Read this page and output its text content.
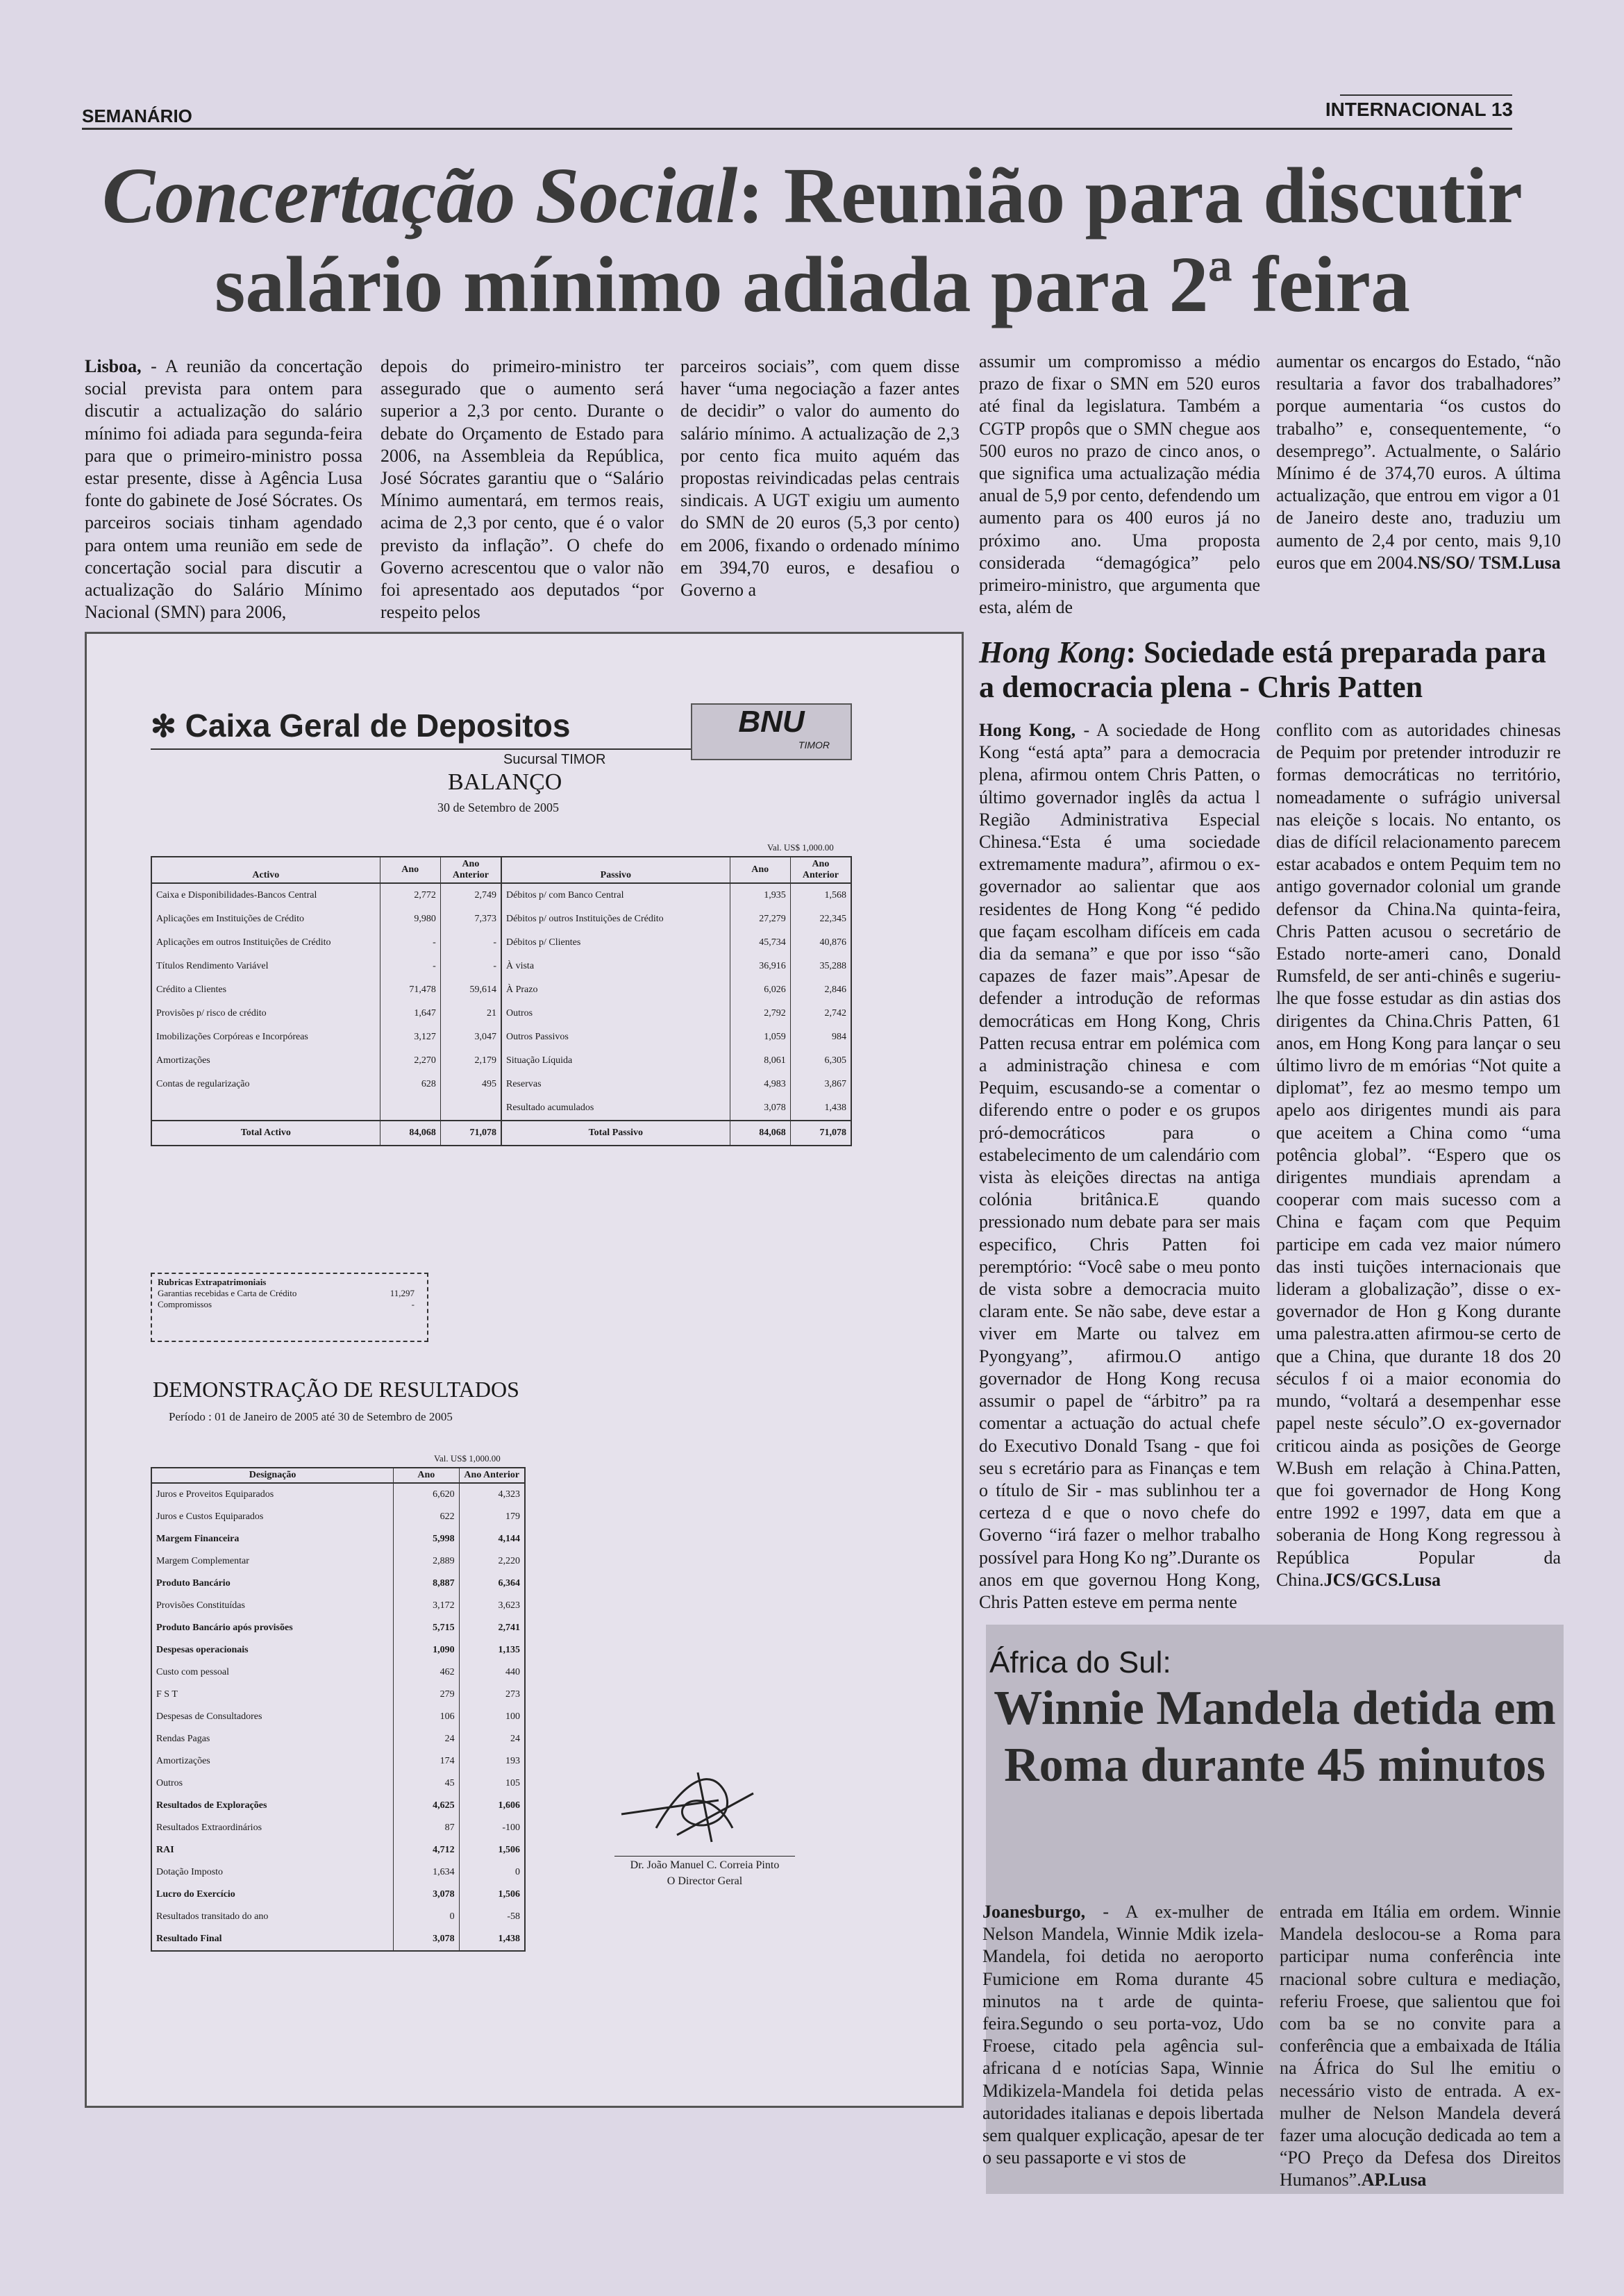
SEMANÁRIO	INTERNACIONAL 13
Concertação Social: Reunião para discutir
salário mínimo adiada para 2ª feira
Lisboa, - A reunião da concertação social prevista para ontem para discutir a actualização do salário mínimo foi adiada para segunda-feira para que o primeiro-ministro possa estar presente, disse à Agência Lusa fonte do gabinete de José Sócrates. Os parceiros sociais tinham agendado para ontem uma reunião em sede de concertação social para discutir a actualização do Salário Mínimo Nacional (SMN) para 2006,
depois do primeiro-ministro ter assegurado que o aumento será superior a 2,3 por cento. Durante o debate do Orçamento de Estado para 2006, na Assembleia da República, José Sócrates garantiu que o “Salário Mínimo aumentará, em termos reais, acima de 2,3 por cento, que é o valor previsto da inflação”. O chefe do Governo acrescentou que o valor não foi apresentado aos deputados “por respeito pelos
parceiros sociais”, com quem disse haver “uma negociação a fazer antes de decidir” o valor do aumento do salário mínimo. A actualização de 2,3 por cento fica muito aquém das propostas reivindicadas pelas centrais sindicais. A UGT exigiu um aumento do SMN de 20 euros (5,3 por cento) em 2006, fixando o ordenado mínimo em 394,70 euros, e desafiou o Governo a
assumir um compromisso a médio prazo de fixar o SMN em 520 euros até final da legislatura. Também a CGTP propôs que o SMN chegue aos 500 euros no prazo de cinco anos, o que significa uma actualização média anual de 5,9 por cento, defendendo um aumento para os 400 euros já no próximo ano. Uma proposta considerada “demagógica” pelo primeiro-ministro, que argumenta que esta, além de
aumentar os encargos do Estado, “não resultaria a favor dos trabalhadores” porque aumentaria “os custos do trabalho” e, consequentemente, “o desemprego”. Actualmente, o Salário Mínimo é de 374,70 euros. A última actualização, que entrou em vigor a 01 de Janeiro deste ano, traduziu um aumento de 2,4 por cento, mais 9,10 euros que em 2004.NS/SO/ TSM.Lusa
✻ Caixa Geral de Depositos
Sucursal TIMOR
BNU
TIMOR
BALANÇO
30 de Setembro de 2005
Val. US$ 1,000.00
Activo	Ano	Ano Anterior	Passivo	Ano	Ano Anterior
Caixa e Disponibilidades-Bancos Central	2,772	2,749	Débitos p/ com Banco Central	1,935	1,568
Aplicações em Instituições de Crédito	9,980	7,373	Débitos p/ outros Instituições de Crédito	27,279	22,345
Aplicações em outros Instituições de Crédito	-	-	Débitos p/ Clientes	45,734	40,876
Títulos Rendimento Variável	-	-	À vista	36,916	35,288
Crédito a Clientes	71,478	59,614	À Prazo	6,026	2,846
Provisões p/ risco de crédito	1,647	21	Outros	2,792	2,742
Imobilizações Corpóreas e Incorpóreas	3,127	3,047	Outros Passivos	1,059	984
Amortizações	2,270	2,179	Situação Líquida	8,061	6,305
Contas de regularização	628	495	Reservas	4,983	3,867
			Resultado acumulados	3,078	1,438
Total Activo	84,068	71,078	Total Passivo	84,068	71,078
Rubricas Extrapatrimoniais
Garantias recebidas e Carta de Crédito	11,297
Compromissos	-
DEMONSTRAÇÃO DE RESULTADOS
Período : 01 de Janeiro de 2005 até 30 de Setembro de 2005
Val. US$ 1,000.00
Designação	Ano	Ano Anterior
Juros e Proveitos Equiparados	6,620	4,323
Juros e Custos Equiparados	622	179
Margem Financeira	5,998	4,144
Margem Complementar	2,889	2,220
Produto Bancário	8,887	6,364
Provisões Constituídas	3,172	3,623
Produto Bancário após provisões	5,715	2,741
Despesas operacionais	1,090	1,135
Custo com pessoal	462	440
F S T	279	273
Despesas de Consultadores	106	100
Rendas Pagas	24	24
Amortizações	174	193
Outros	45	105
Resultados de Explorações	4,625	1,606
Resultados Extraordinários	87	-100
RAI	4,712	1,506
Dotação Imposto	1,634	0
Lucro do Exercício	3,078	1,506
Resultados transitado do ano	0	-58
Resultado Final	3,078	1,438
Dr. João Manuel C. Correia Pinto
O Director Geral
Hong Kong: Sociedade está preparada para a democracia plena - Chris Patten
Hong Kong, - A sociedade de Hong Kong “está apta” para a democracia plena, afirmou ontem Chris Patten, o último governador inglês da actua l Região Administrativa Especial Chinesa.“Esta é uma sociedade extremamente madura”, afirmou o ex-governador ao salientar que aos residentes de Hong Kong “é pedido que façam escolham difíceis em cada dia da semana” e que por isso “são capazes de fazer mais”.Apesar de defender a introdução de reformas democráticas em Hong Kong, Chris Patten recusa entrar em polémica com a administração chinesa e com Pequim, escusando-se a comentar o diferendo entre o poder e os grupos pró-democráticos para o estabelecimento de um calendário com vista às eleições directas na antiga colónia britânica.E quando pressionado num debate para ser mais especifico, Chris Patten foi peremptório: “Você sabe o meu ponto de vista sobre a democracia muito claram ente. Se não sabe, deve estar a viver em Marte ou talvez em Pyongyang”, afirmou.O antigo governador de Hong Kong recusa assumir o papel de “árbitro” pa ra comentar a actuação do actual chefe do Executivo Donald Tsang - que foi seu s ecretário para as Finanças e tem o título de Sir - mas sublinhou ter a certeza d e que o novo chefe do Governo “irá fazer o melhor trabalho possível para Hong Ko ng”.Durante os anos em que governou Hong Kong, Chris Patten esteve em perma nente
conflito com as autoridades chinesas de Pequim por pretender introduzir re formas democráticas no território, nomeadamente o sufrágio universal nas eleiçõe s locais. No entanto, os dias de difícil relacionamento parecem estar acabados e ontem Pequim tem no antigo governador colonial um grande defensor da China.Na quinta-feira, Chris Patten acusou o secretário de Estado norte-ameri cano, Donald Rumsfeld, de ser anti-chinês e sugeriu-lhe que fosse estudar as din astias dos dirigentes da China.Chris Patten, 61 anos, em Hong Kong para lançar o seu último livro de m emórias “Not quite a diplomat”, fez ao mesmo tempo um apelo aos dirigentes mundi ais para que aceitem a China como “uma potência global”. “Espero que os dirigentes mundiais aprendam a cooperar com mais sucesso com a China e façam com que Pequim participe em cada vez maior número das insti tuições internacionais que lideram a globalização”, disse o ex-governador de Hon g Kong durante uma palestra.atten afirmou-se certo de que a China, que durante 18 dos 20 séculos f oi a maior economia do mundo, “voltará a desempenhar esse papel neste século”.O ex-governador criticou ainda as posições de George W.Bush em relação à China.Patten, que foi governador de Hong Kong entre 1992 e 1997, data em que a soberania de Hong Kong regressou à República Popular da China.JCS/GCS.Lusa
África do Sul:
Winnie Mandela detida em Roma durante 45 minutos
Joanesburgo, - A ex-mulher de Nelson Mandela, Winnie Mdik izela-Mandela, foi detida no aeroporto Fumicione em Roma durante 45 minutos na t arde de quinta-feira.Segundo o seu porta-voz, Udo Froese, citado pela agência sul-africana d e notícias Sapa, Winnie Mdikizela-Mandela foi detida pelas autoridades italianas e depois libertada sem qualquer explicação, apesar de ter o seu passaporte e vi stos de
entrada em Itália em ordem. Winnie Mandela deslocou-se a Roma para participar numa conferência inte rnacional sobre cultura e mediação, referiu Froese, que salientou que foi com ba se no convite para a conferência que a embaixada de Itália na África do Sul lhe emitiu o necessário visto de entrada. A ex-mulher de Nelson Mandela deverá fazer uma alocução dedicada ao tem a “PO Preço da Defesa dos Direitos Humanos”.AP.Lusa
